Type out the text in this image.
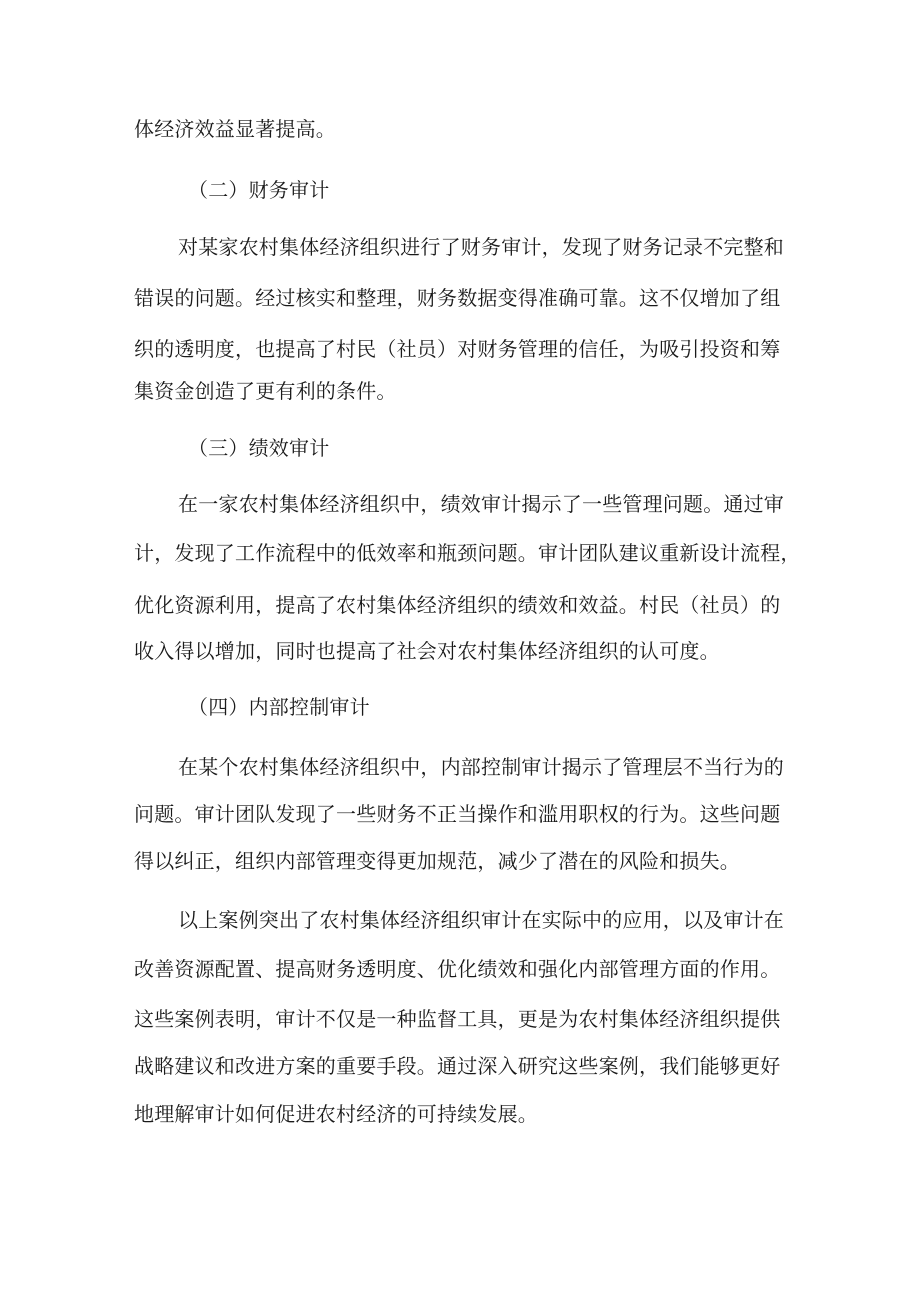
体经济效益显著提高。
（二）财务审计
对某家农村集体经济组织进行了财务审计，发现了财务记录不完整和
错误的问题。经过核实和整理，财务数据变得准确可靠。这不仅增加了组
织的透明度，也提高了村民（社员）对财务管理的信任，为吸引投资和筹
集资金创造了更有利的条件。
（三）绩效审计
在一家农村集体经济组织中，绩效审计揭示了一些管理问题。通过审
计，发现了工作流程中的低效率和瓶颈问题。审计团队建议重新设计流程，
优化资源利用，提高了农村集体经济组织的绩效和效益。村民（社员）的
收入得以增加，同时也提高了社会对农村集体经济组织的认可度。
（四）内部控制审计
在某个农村集体经济组织中，内部控制审计揭示了管理层不当行为的
问题。审计团队发现了一些财务不正当操作和滥用职权的行为。这些问题
得以纠正，组织内部管理变得更加规范，减少了潜在的风险和损失。
以上案例突出了农村集体经济组织审计在实际中的应用，以及审计在
改善资源配置、提高财务透明度、优化绩效和强化内部管理方面的作用。
这些案例表明，审计不仅是一种监督工具，更是为农村集体经济组织提供
战略建议和改进方案的重要手段。通过深入研究这些案例，我们能够更好
地理解审计如何促进农村经济的可持续发展。
